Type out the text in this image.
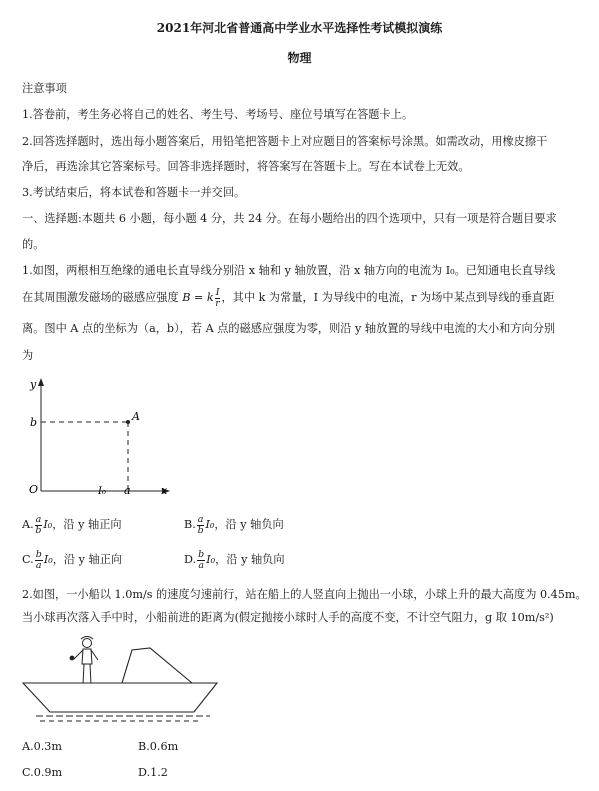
2021年河北省普通高中学业水平选择性考试模拟演练
物理
注意事项
1.答卷前，考生务必将自己的姓名、考生号、考场号、座位号填写在答题卡上。
2.回答选择题时，选出每小题答案后，用铅笔把答题卡上对应题目的答案标号涂黑。如需改动，用橡皮擦干
净后，再选涂其它答案标号。回答非选择题时，将答案写在答题卡上。写在本试卷上无效。
3.考试结束后，将本试卷和答题卡一并交回。
一、选择题:本题共 6 小题，每小题 4 分，共 24 分。在每小题给出的四个选项中，只有一项是符合题目要求
的。
1.如图，两根相互绝缘的通电长直导线分别沿 x 轴和 y 轴放置，沿 x 轴方向的电流为 I₀。已知通电长直导线
在其周围激发磁场的磁感应强度 B = k $\frac{I}{r}$ ，其中 k 为常量，I 为导线中的电流，r 为场中某点到导线的垂直距
离。图中 A 点的坐标为（a，b），若 A 点的磁感应强度为零，则沿 y 轴放置的导线中电流的大小和方向分别
为
y
b	A
O	I₀ a	x
A. $\frac{a}{b} I_0$，沿 y 轴正向	B. $\frac{a}{b} I_0$，沿 y 轴负向
C. $\frac{b}{a} I_0$，沿 y 轴正向	D. $\frac{b}{a} I_0$，沿 y 轴负向
2.如图，一小船以 1.0m/s 的速度匀速前行，站在船上的人竖直向上抛出一小球，小球上升的最大高度为 0.45m。
当小球再次落入手中时，小船前进的距离为(假定抛接小球时人手的高度不变，不计空气阻力，g 取 10m/s²)
A.0.3m	B.0.6m
C.0.9m	D.1.2
